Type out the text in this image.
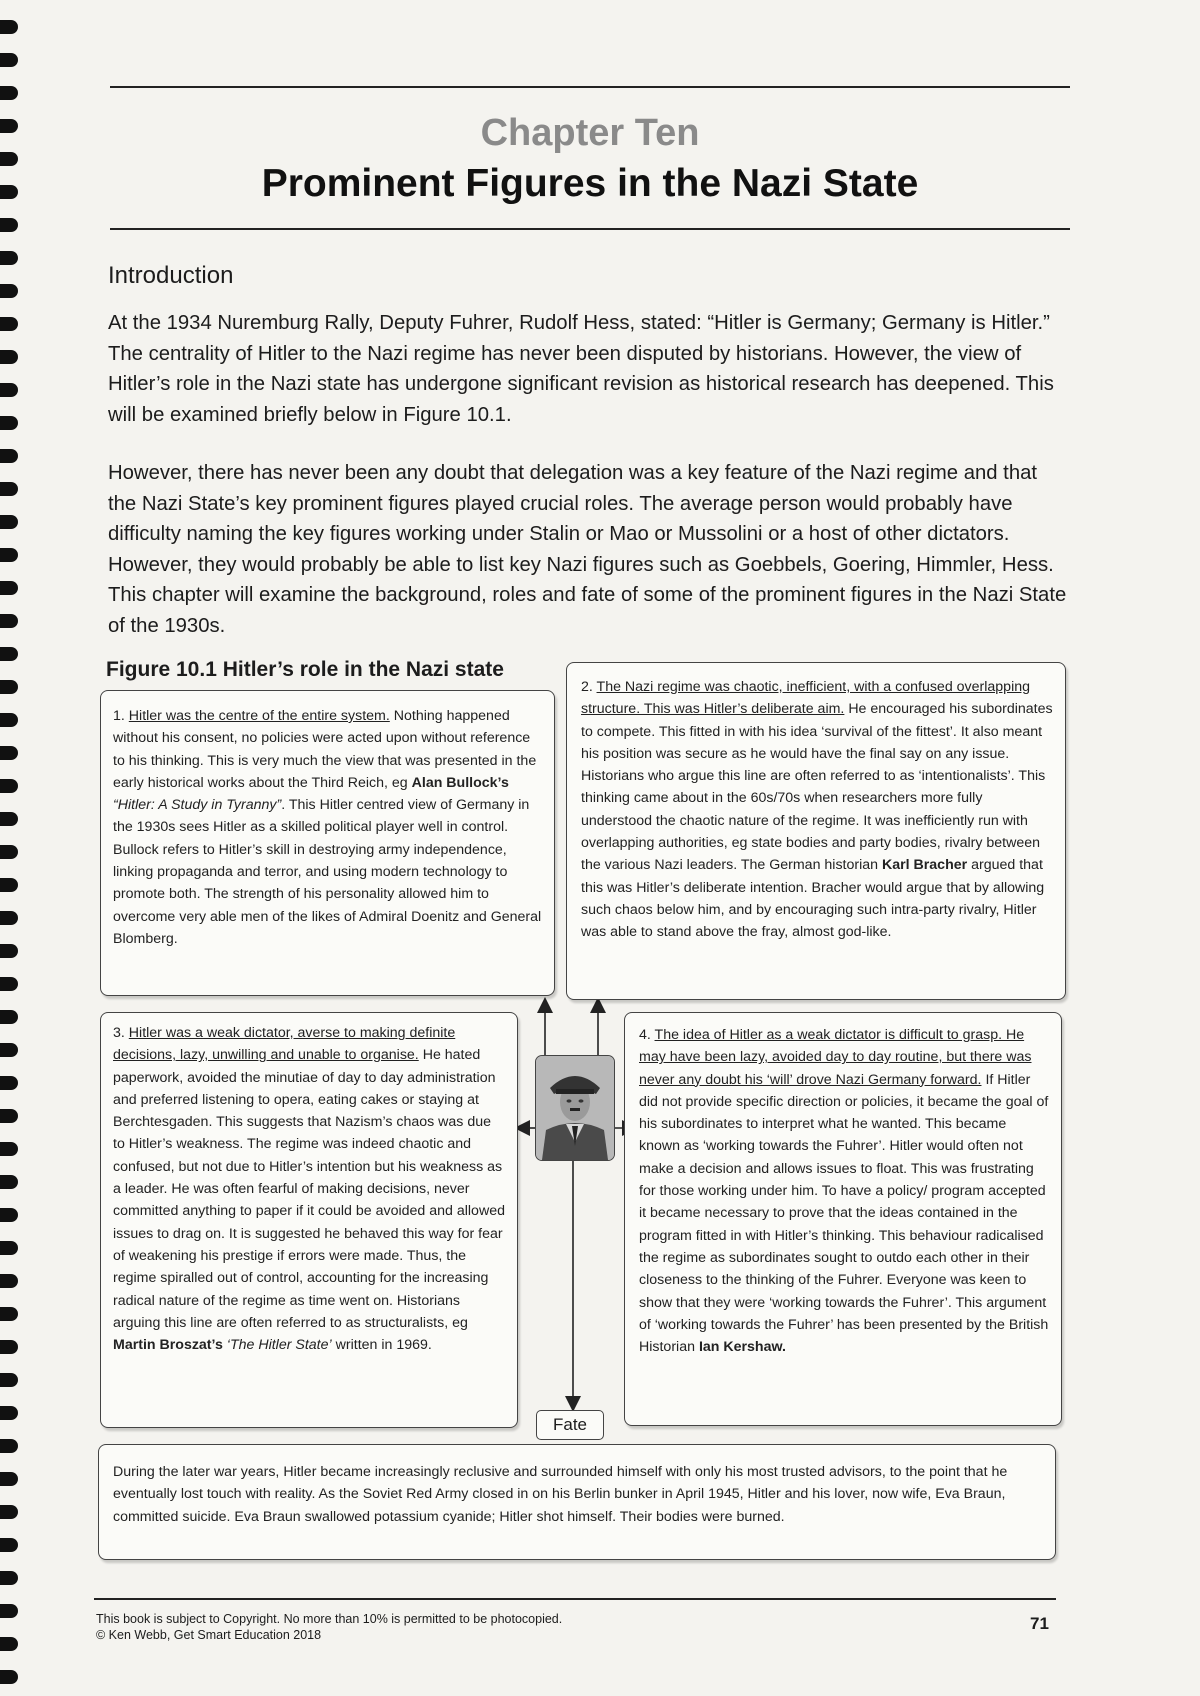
Chapter Ten
Prominent Figures in the Nazi State
Introduction

At the 1934 Nuremburg Rally, Deputy Fuhrer, Rudolf Hess, stated: “Hitler is Germany; Germany is Hitler.” The centrality of Hitler to the Nazi regime has never been disputed by historians. However, the view of Hitler’s role in the Nazi state has undergone significant revision as historical research has deepened. This will be examined briefly below in Figure 10.1.

However, there has never been any doubt that delegation was a key feature of the Nazi regime and that the Nazi State’s key prominent figures played crucial roles. The average person would probably have difficulty naming the key figures working under Stalin or Mao or Mussolini or a host of other dictators. However, they would probably be able to list key Nazi figures such as Goebbels, Goering, Himmler, Hess. This chapter will examine the background, roles and fate of some of the prominent figures in the Nazi State of the 1930s.

Figure 10.1 Hitler’s role in the Nazi state

1. Hitler was the centre of the entire system. Nothing happened without his consent, no policies were acted upon without reference to his thinking. This is very much the view that was presented in the early historical works about the Third Reich, eg Alan Bullock’s “Hitler: A Study in Tyranny”. This Hitler centred view of Germany in the 1930s sees Hitler as a skilled political player well in control. Bullock refers to Hitler’s skill in destroying army independence, linking propaganda and terror, and using modern technology to promote both. The strength of his personality allowed him to overcome very able men of the likes of Admiral Doenitz and General Blomberg.

2. The Nazi regime was chaotic, inefficient, with a confused overlapping structure. This was Hitler’s deliberate aim. He encouraged his subordinates to compete. This fitted in with his idea ‘survival of the fittest’. It also meant his position was secure as he would have the final say on any issue. Historians who argue this line are often referred to as ‘intentionalists’. This thinking came about in the 60s/70s when researchers more fully understood the chaotic nature of the regime. It was inefficiently run with overlapping authorities, eg state bodies and party bodies, rivalry between the various Nazi leaders. The German historian Karl Bracher argued that this was Hitler’s deliberate intention. Bracher would argue that by allowing such chaos below him, and by encouraging such intra-party rivalry, Hitler was able to stand above the fray, almost god-like.

3. Hitler was a weak dictator, averse to making definite decisions, lazy, unwilling and unable to organise. He hated paperwork, avoided the minutiae of day to day administration and preferred listening to opera, eating cakes or staying at Berchtesgaden. This suggests that Nazism’s chaos was due to Hitler’s weakness. The regime was indeed chaotic and confused, but not due to Hitler’s intention but his weakness as a leader. He was often fearful of making decisions, never committed anything to paper if it could be avoided and allowed issues to drag on. It is suggested he behaved this way for fear of weakening his prestige if errors were made. Thus, the regime spiralled out of control, accounting for the increasing radical nature of the regime as time went on. Historians arguing this line are often referred to as structuralists, eg Martin Broszat’s ‘The Hitler State’ written in 1969.

4. The idea of Hitler as a weak dictator is difficult to grasp. He may have been lazy, avoided day to day routine, but there was never any doubt his ‘will’ drove Nazi Germany forward. If Hitler did not provide specific direction or policies, it became the goal of his subordinates to interpret what he wanted. This became known as ‘working towards the Fuhrer’. Hitler would often not make a decision and allows issues to float. This was frustrating for those working under him. To have a policy/ program accepted it became necessary to prove that the ideas contained in the program fitted in with Hitler’s thinking. This behaviour radicalised the regime as subordinates sought to outdo each other in their closeness to the thinking of the Fuhrer. Everyone was keen to show that they were ‘working towards the Fuhrer’. This argument of ‘working towards the Fuhrer’ has been presented by the British Historian Ian Kershaw.

Fate

During the later war years, Hitler became increasingly reclusive and surrounded himself with only his most trusted advisors, to the point that he eventually lost touch with reality. As the Soviet Red Army closed in on his Berlin bunker in April 1945, Hitler and his lover, now wife, Eva Braun, committed suicide. Eva Braun swallowed potassium cyanide; Hitler shot himself. Their bodies were burned.

This book is subject to Copyright. No more than 10% is permitted to be photocopied.
© Ken Webb, Get Smart Education 2018
71
